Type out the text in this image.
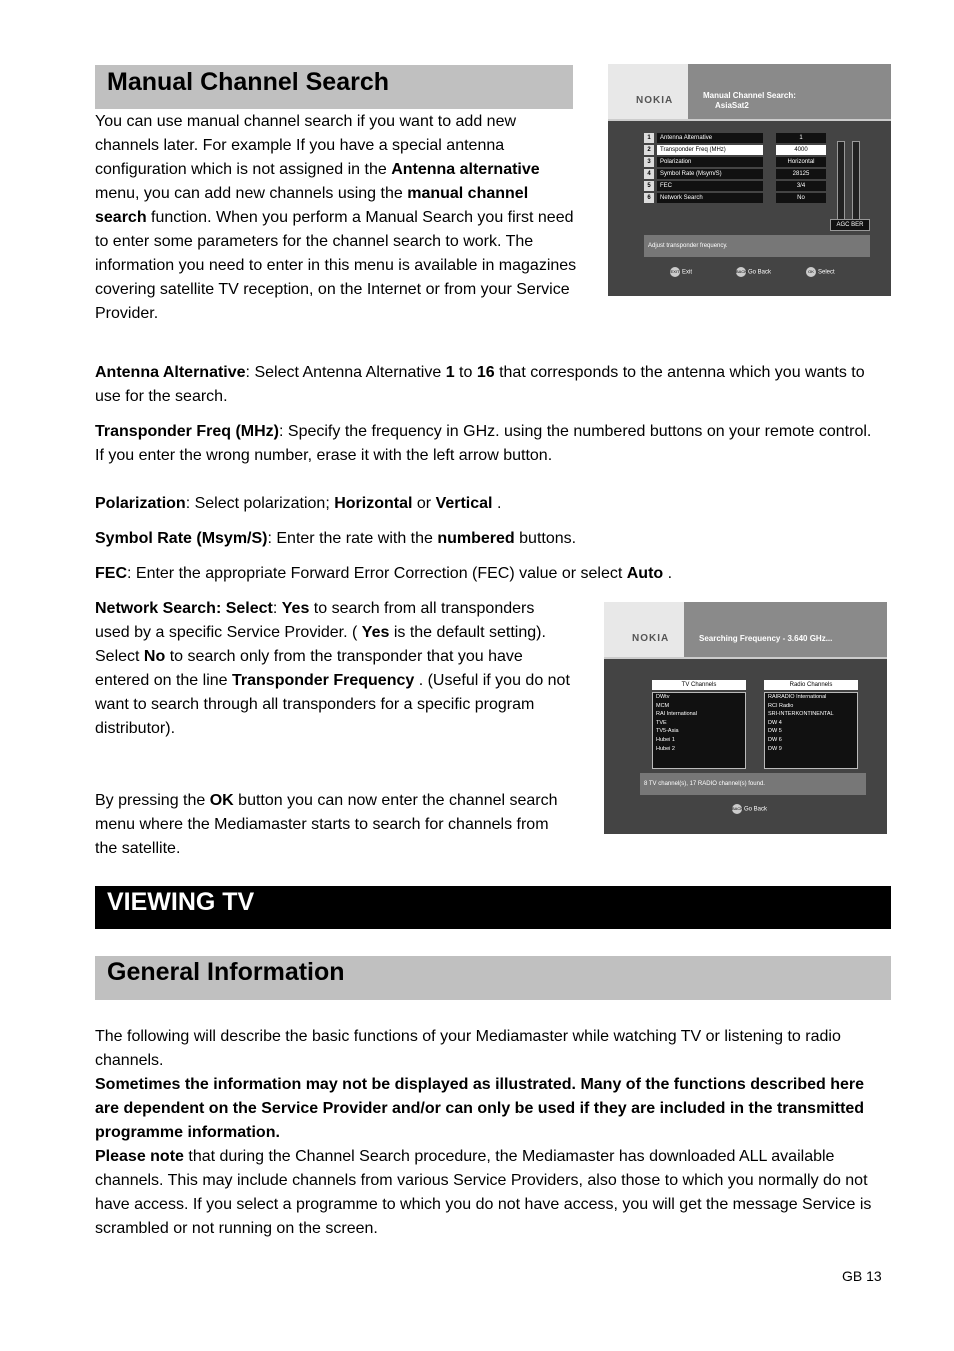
Manual Channel Search

You can use manual channel search if you want to add new channels later. For example If you have a special antenna configuration which is not assigned in the Antenna alternative menu, you can add new channels using the manual channel search function. When you perform a Manual Search you first need to enter some parameters for the channel search to work. The information you need to enter in this menu is available in magazines covering satellite TV reception, on the Internet or from your Service Provider.

NOKIA	Manual Channel Search:
AsiaSat2
1	Antenna Alternative	1
2	Transponder Freq (MHz)	4000
3	Polarization	Horizontal
4	Symbol Rate (Msym/S)	28125
5	FEC	3/4
6	Network Search	No
AGC BER
Adjust transponder frequency.
EXIT Exit	BACKGo Back	OK Select

Antenna Alternative: Select Antenna Alternative 1 to 16 that corresponds to the antenna which you wants to use for the search.

Transponder Freq (MHz): Specify the frequency in GHz. using the numbered buttons on your remote control. If you enter the wrong number, erase it with the left arrow button.

Polarization: Select polarization; Horizontal or Vertical .

Symbol Rate (Msym/S): Enter the rate with the numbered buttons.

FEC: Enter the appropriate Forward Error Correction (FEC) value or select Auto .

Network Search: Select: Yes to search from all transponders used by a specific Service Provider. ( Yes is the default setting). Select No to search only from the transponder that you have entered on the line Transponder Frequency . (Useful if you do not want to search through all transponders for a specific program distributor).

By pressing the OK button you can now enter the channel search menu where the Mediamaster starts to search for channels from the satellite.

NOKIA	Searching Frequency - 3.640 GHz...
TV Channels
DWtv
MCM
RAI International
TVE
TV5-Asia
Hubei 1
Hubei 2
Radio Channels
RAIRADIO International
RCI Radio
SRI-INTERKONTINENTAL
DW 4
DW 5
DW 6
DW 9
8 TV channel(s), 17 RADIO channel(s) found.
BACKGo Back
VIEWING TV
General Information

The following will describe the basic functions of your Mediamaster while watching TV or listening to radio channels.

Sometimes the information may not be displayed as illustrated. Many of the functions described here are dependent on the Service Provider and/or can only be used if they are included in the transmitted programme information.

Please note that during the Channel Search procedure, the Mediamaster has downloaded ALL available channels. This may include channels from various Service Providers, also those to which you normally do not have access. If you select a programme to which you do not have access, you will get the message Service is scrambled or not running on the screen.

GB 13
